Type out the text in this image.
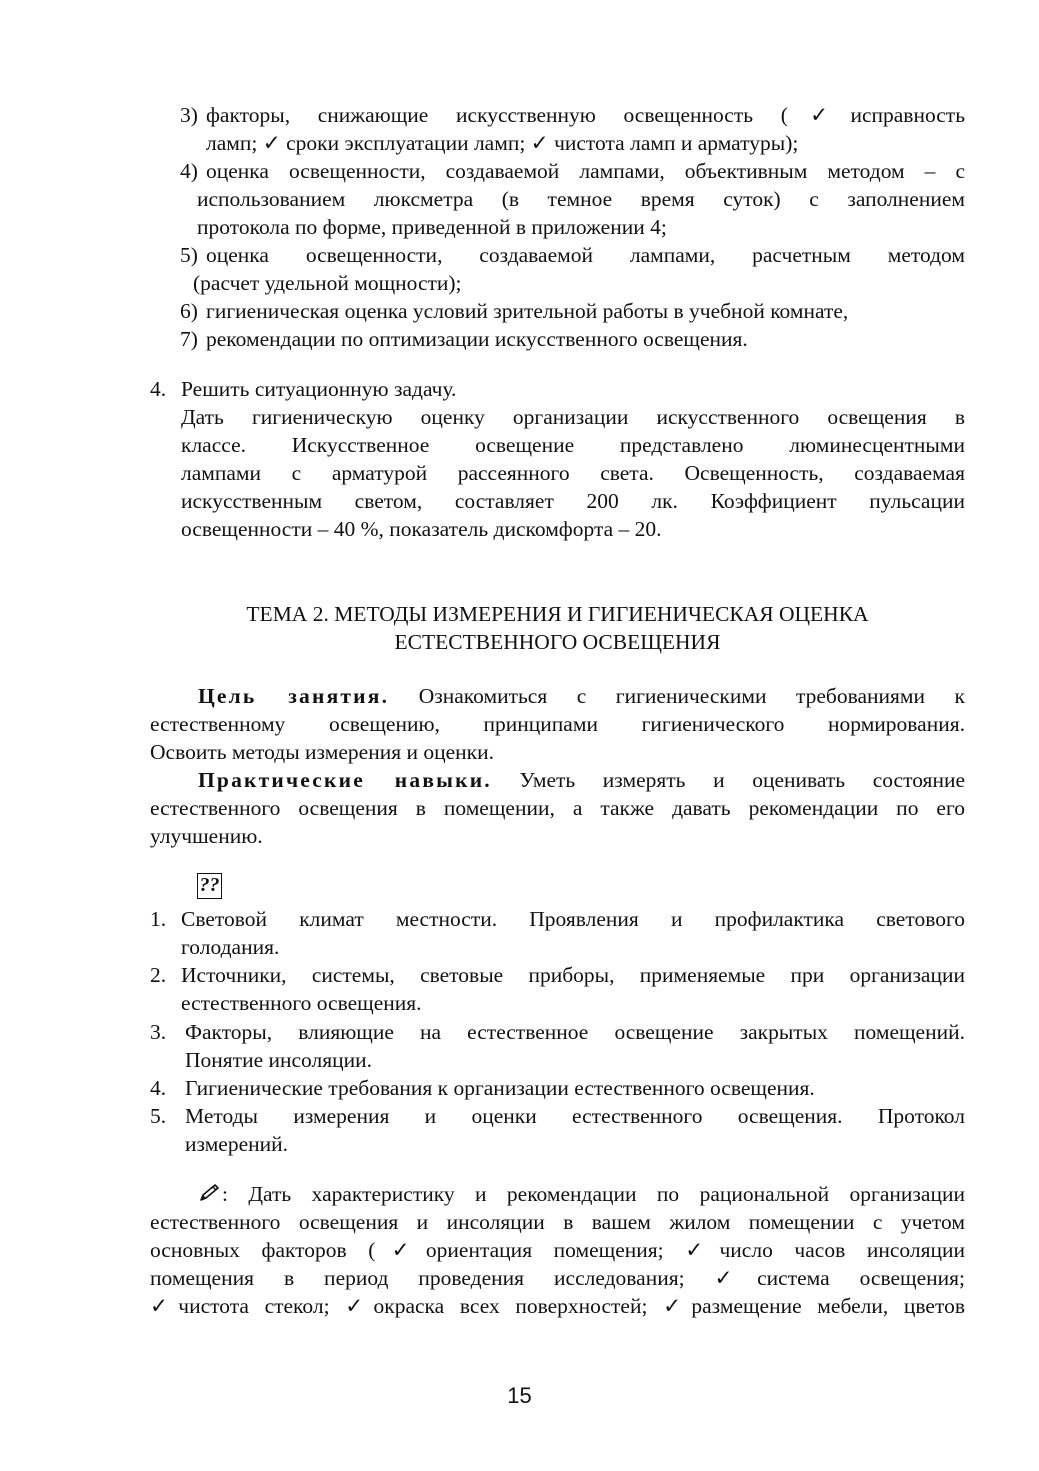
3) факторы, снижающие искусственную освещенность (✓исправность
ламп; ✓ сроки эксплуатации ламп; ✓ чистота ламп и арматуры);
4) оценка освещенности, создаваемой лампами, объективным методом – с
использованием люксметра (в темное время суток) с заполнением
протокола по форме, приведенной в приложении 4;
5) оценка освещенности, создаваемой лампами, расчетным методом
(расчет удельной мощности);
6) гигиеническая оценка условий зрительной работы в учебной комнате,
7) рекомендации по оптимизации искусственного освещения.
4. Решить ситуационную задачу.
Дать гигиеническую оценку организации искусственного освещения в
классе. Искусственное освещение представлено люминесцентными
лампами с арматурой рассеянного света. Освещенность, создаваемая
искусственным светом, составляет 200 лк. Коэффициент пульсации
освещенности – 40 %, показатель дискомфорта – 20.
ТЕМА 2. МЕТОДЫ ИЗМЕРЕНИЯ И ГИГИЕНИЧЕСКАЯ ОЦЕНКА
ЕСТЕСТВЕННОГО ОСВЕЩЕНИЯ
Цель занятия. Ознакомиться с гигиеническими требованиями к
естественному освещению, принципами гигиенического нормирования.
Освоить методы измерения и оценки.
Практические навыки. Уметь измерять и оценивать состояние
естественного освещения в помещении, а также давать рекомендации по его
улучшению.
??
1. Световой климат местности. Проявления и профилактика светового
голодания.
2. Источники, системы, световые приборы, применяемые при организации
естественного освещения.
3. Факторы, влияющие на естественное освещение закрытых помещений.
Понятие инсоляции.
4. Гигиенические требования к организации естественного освещения.
5. Методы измерения и оценки естественного освещения. Протокол
измерений.
: Дать характеристику и рекомендации по рациональной организации
естественного освещения и инсоляции в вашем жилом помещении с учетом
основных факторов (✓ориентация помещения; ✓число часов инсоляции
помещения в период проведения исследования; ✓система освещения;
✓чистота стекол; ✓окраска всех поверхностей; ✓размещение мебели, цветов
15
